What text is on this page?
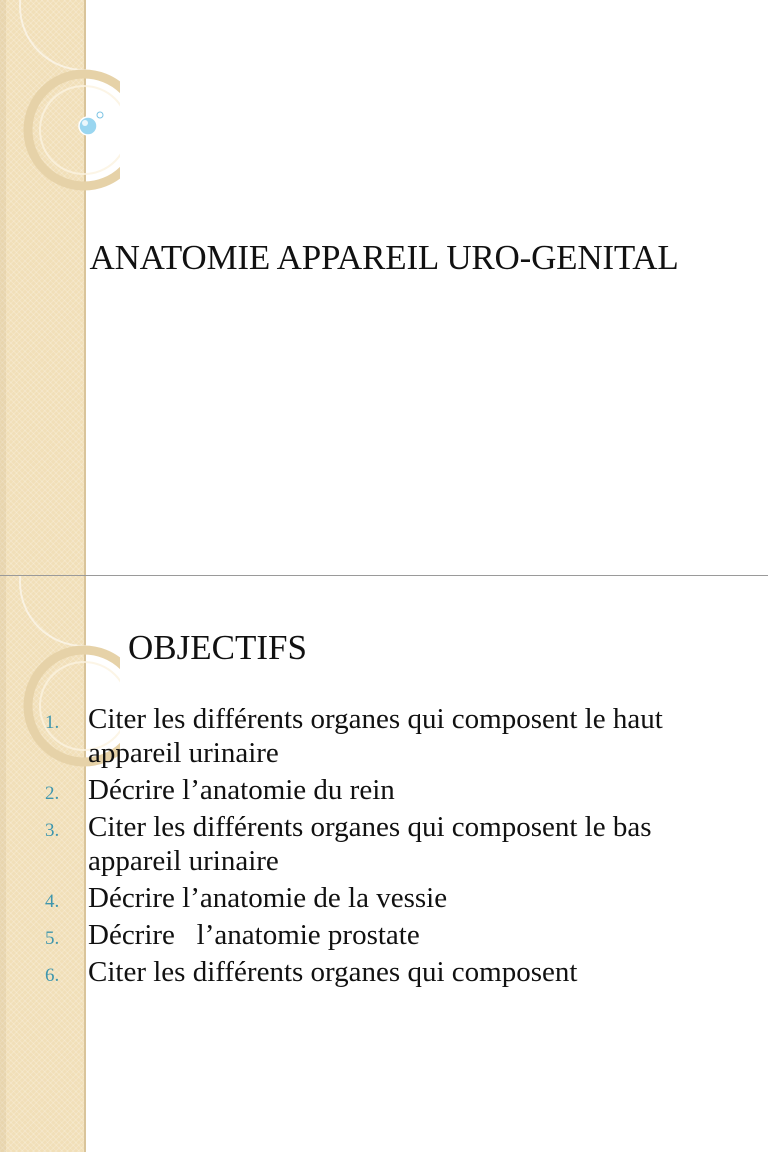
ANATOMIE APPAREIL URO-GENITAL
OBJECTIFS
1. Citer les différents organes qui composent le haut appareil urinaire
2. Décrire l’anatomie du rein
3. Citer les différents organes qui composent le bas appareil urinaire
4. Décrire l’anatomie de la vessie
5. Décrire   l’anatomie prostate
6. Citer les différents organes qui composent
